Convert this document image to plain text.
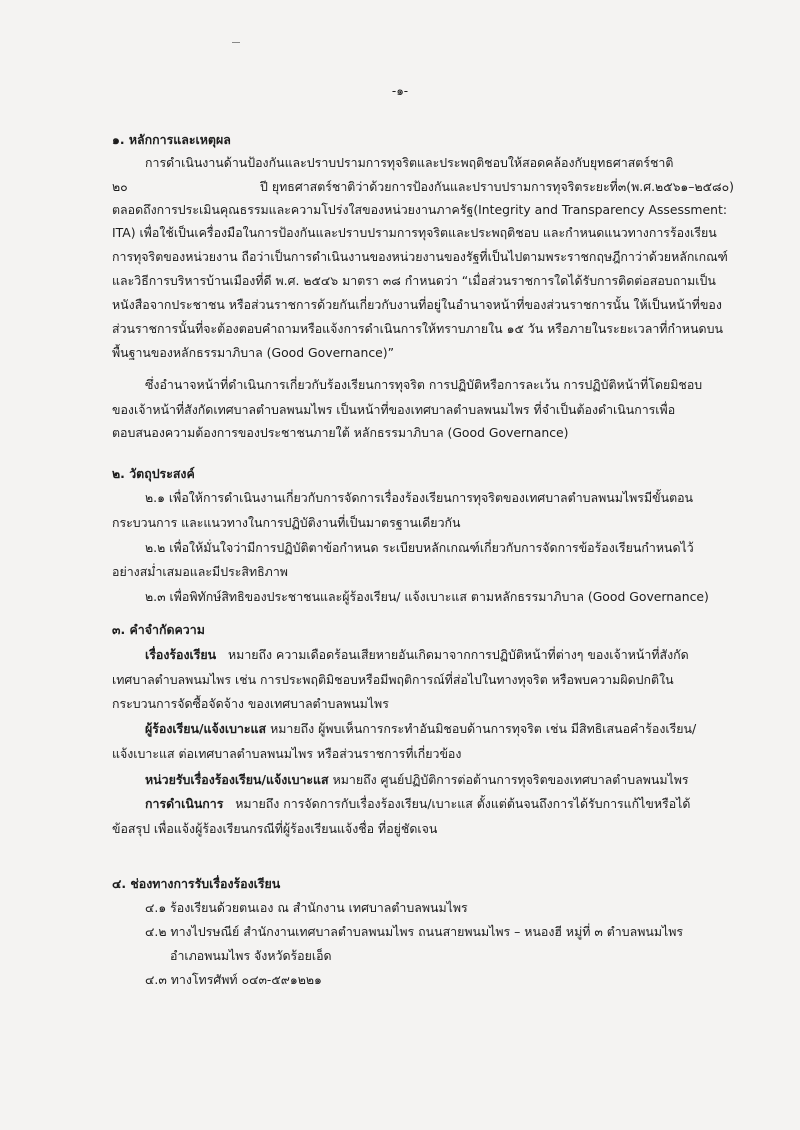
-๑-
๑. หลักการและเหตุผล
การดำเนินงานด้านป้องกันและปราบปรามการทุจริตและประพฤติชอบให้สอดคล้องกับยุทธศาสตร์ชาติ
๒๐	ปี ยุทธศาสตร์ชาติว่าด้วยการป้องกันและปราบปรามการทุจริตระยะที่๓(พ.ศ.๒๕๖๑–๒๕๘๐)
ตลอดถึงการประเมินคุณธรรมและความโปร่งใสของหน่วยงานภาครัฐ(Integrity and Transparency Assessment:
ITA) เพื่อใช้เป็นเครื่องมือในการป้องกันและปราบปรามการทุจริตและประพฤติชอบ และกำหนดแนวทางการร้องเรียน
การทุจริตของหน่วยงาน ถือว่าเป็นการดำเนินงานของหน่วยงานของรัฐที่เป็นไปตามพระราชกฤษฎีกาว่าด้วยหลักเกณฑ์
และวิธีการบริหารบ้านเมืองที่ดี พ.ศ. ๒๕๔๖ มาตรา ๓๘ กำหนดว่า “เมื่อส่วนราชการใดได้รับการติดต่อสอบถามเป็น
หนังสือจากประชาชน หรือส่วนราชการด้วยกันเกี่ยวกับงานที่อยู่ในอำนาจหน้าที่ของส่วนราชการนั้น ให้เป็นหน้าที่ของ
ส่วนราชการนั้นที่จะต้องตอบคำถามหรือแจ้งการดำเนินการให้ทราบภายใน ๑๕ วัน หรือภายในระยะเวลาที่กำหนดบน
พื้นฐานของหลักธรรมาภิบาล (Good Governance)”
ซึ่งอำนาจหน้าที่ดำเนินการเกี่ยวกับร้องเรียนการทุจริต การปฏิบัติหรือการละเว้น การปฏิบัติหน้าที่โดยมิชอบ
ของเจ้าหน้าที่สังกัดเทศบาลตำบลพนมไพร เป็นหน้าที่ของเทศบาลตำบลพนมไพร ที่จำเป็นต้องดำเนินการเพื่อ
ตอบสนองความต้องการของประชาชนภายใต้ หลักธรรมาภิบาล (Good Governance)
๒. วัตถุประสงค์
๒.๑ เพื่อให้การดำเนินงานเกี่ยวกับการจัดการเรื่องร้องเรียนการทุจริตของเทศบาลตำบลพนมไพรมีขั้นตอน
กระบวนการ และแนวทางในการปฏิบัติงานที่เป็นมาตรฐานเดียวกัน
๒.๒ เพื่อให้มั่นใจว่ามีการปฏิบัติตาข้อกำหนด ระเบียบหลักเกณฑ์เกี่ยวกับการจัดการข้อร้องเรียนกำหนดไว้
อย่างสม่ำเสมอและมีประสิทธิภาพ
๒.๓ เพื่อพิทักษ์สิทธิของประชาชนและผู้ร้องเรียน/ แจ้งเบาะแส ตามหลักธรรมาภิบาล (Good Governance)
๓. คำจำกัดความ
เรื่องร้องเรียน หมายถึง ความเดือดร้อนเสียหายอันเกิดมาจากการปฏิบัติหน้าที่ต่างๆ ของเจ้าหน้าที่สังกัด
เทศบาลตำบลพนมไพร เช่น การประพฤติมิชอบหรือมีพฤติการณ์ที่ส่อไปในทางทุจริต หรือพบความผิดปกติใน
กระบวนการจัดซื้อจัดจ้าง ของเทศบาลตำบลพนมไพร
ผู้ร้องเรียน/แจ้งเบาะแส หมายถึง ผู้พบเห็นการกระทำอันมิชอบด้านการทุจริต เช่น มีสิทธิเสนอคำร้องเรียน/
แจ้งเบาะแส ต่อเทศบาลตำบลพนมไพร หรือส่วนราชการที่เกี่ยวข้อง
หน่วยรับเรื่องร้องเรียน/แจ้งเบาะแส หมายถึง ศูนย์ปฏิบัติการต่อต้านการทุจริตของเทศบาลตำบลพนมไพร
การดำเนินการ หมายถึง การจัดการกับเรื่องร้องเรียน/เบาะแส ตั้งแต่ต้นจนถึงการได้รับการแก้ไขหรือได้
ข้อสรุป เพื่อแจ้งผู้ร้องเรียนกรณีที่ผู้ร้องเรียนแจ้งชื่อ ที่อยู่ชัดเจน
๔. ช่องทางการรับเรื่องร้องเรียน
๔.๑ ร้องเรียนด้วยตนเอง ณ สำนักงาน เทศบาลตำบลพนมไพร
๔.๒ ทางไปรษณีย์ สำนักงานเทศบาลตำบลพนมไพร ถนนสายพนมไพร – หนองฮี หมู่ที่ ๓ ตำบลพนมไพร
อำเภอพนมไพร จังหวัดร้อยเอ็ด
๔.๓ ทางโทรศัพท์ ๐๔๓-๕๙๑๒๒๑
